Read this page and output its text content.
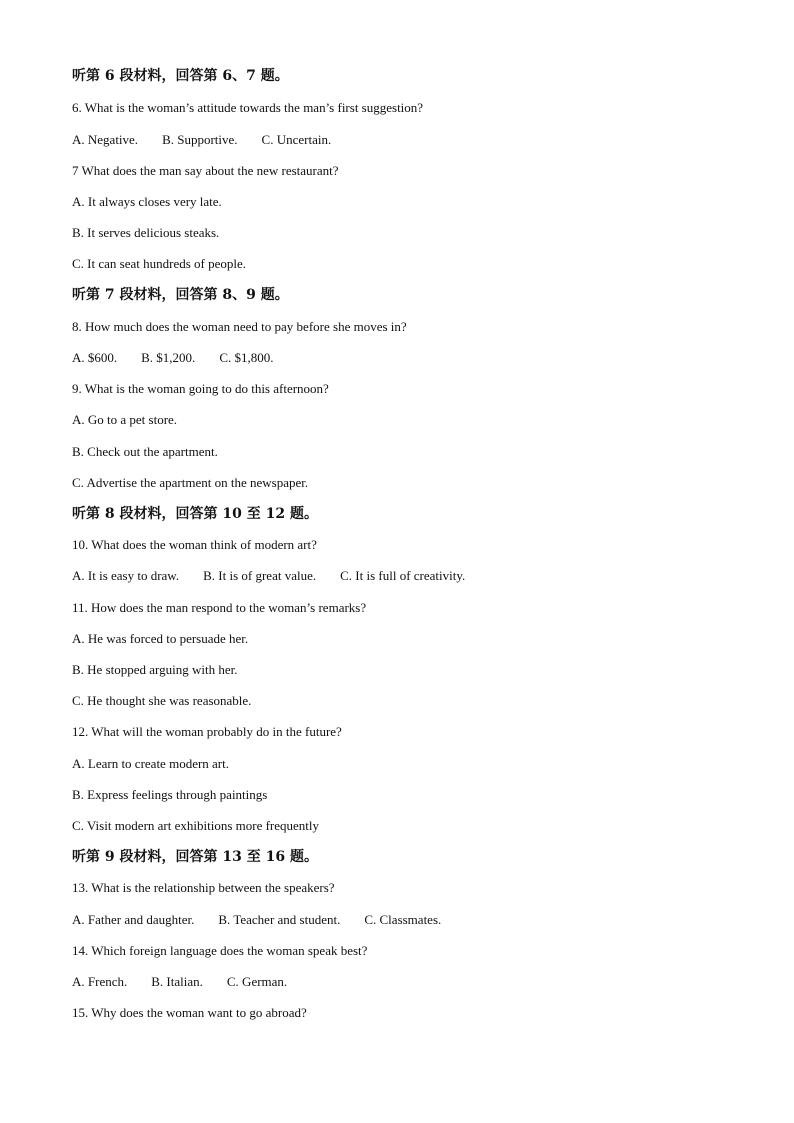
听第 6 段材料，回答第 6、7 题。
6. What is the woman’s attitude towards the man’s first suggestion?
A. Negative. B. Supportive. C. Uncertain.
7 What does the man say about the new restaurant?
A. It always closes very late.
B. It serves delicious steaks.
C. It can seat hundreds of people.
听第 7 段材料，回答第 8、9 题。
8. How much does the woman need to pay before she moves in?
A. $600. B. $1,200. C. $1,800.
9. What is the woman going to do this afternoon?
A. Go to a pet store.
B. Check out the apartment.
C. Advertise the apartment on the newspaper.
听第 8 段材料，回答第 10 至 12 题。
10. What does the woman think of modern art?
A. It is easy to draw. B. It is of great value. C. It is full of creativity.
11. How does the man respond to the woman’s remarks?
A. He was forced to persuade her.
B. He stopped arguing with her.
C. He thought she was reasonable.
12. What will the woman probably do in the future?
A. Learn to create modern art.
B. Express feelings through paintings
C. Visit modern art exhibitions more frequently
听第 9 段材料，回答第 13 至 16 题。
13. What is the relationship between the speakers?
A. Father and daughter. B. Teacher and student. C. Classmates.
14. Which foreign language does the woman speak best?
A. French. B. Italian. C. German.
15. Why does the woman want to go abroad?
